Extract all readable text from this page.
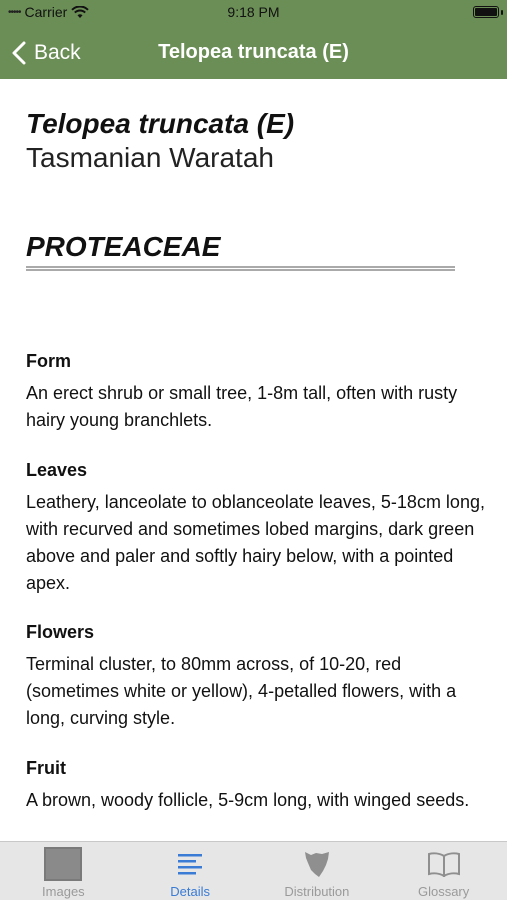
••••• Carrier	9:18 PM
Back	Telopea truncata (E)
Telopea truncata (E)
Tasmanian Waratah
PROTEACEAE
Form

An erect shrub or small tree, 1-8m tall, often with rusty hairy young branchlets.

Leaves

Leathery, lanceolate to oblanceolate leaves, 5-18cm long, with recurved and sometimes lobed margins, dark green above and paler and softly hairy below, with a pointed apex.

Flowers

Terminal cluster, to 80mm across, of 10-20, red (sometimes white or yellow), 4-petalled flowers, with a long, curving style.

Fruit

A brown, woody follicle, 5-9cm long, with winged seeds.

Images	Details	Distribution	Glossary
